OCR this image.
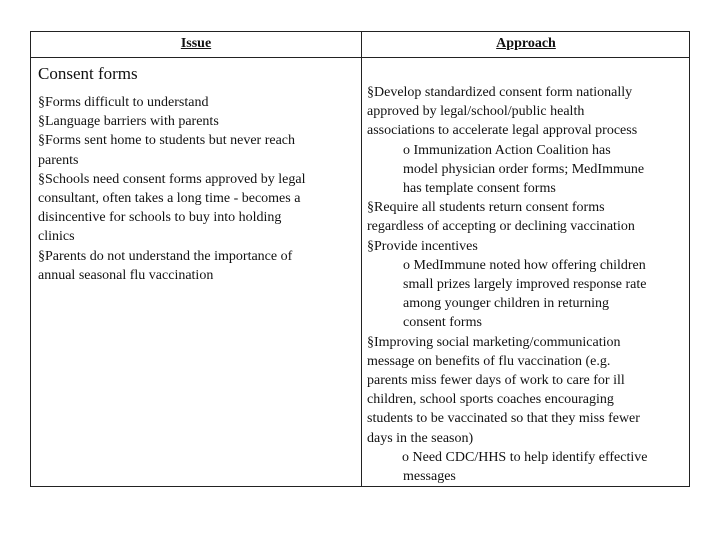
Issue	Approach
Consent forms
§Forms difficult to understand
§Language barriers with parents
§Forms sent home to students but never reach
parents
§Schools need consent forms approved by legal
consultant, often takes a long time - becomes a
disincentive for schools to buy into holding
clinics
§Parents do not understand the importance of
annual seasonal flu vaccination
§Develop standardized consent form nationally
approved by legal/school/public health
associations to accelerate legal approval process
o Immunization Action Coalition has
model physician order forms; MedImmune
has template consent forms
§Require all students return consent forms
regardless of accepting or declining vaccination
§Provide incentives
o MedImmune noted how offering children
small prizes largely improved response rate
among younger children in returning
consent forms
§Improving social marketing/communication
message on benefits of flu vaccination (e.g.
parents miss fewer days of work to care for ill
children, school sports coaches encouraging
students to be vaccinated so that they miss fewer
days in the season)
o Need CDC/HHS to help identify effective
messages
